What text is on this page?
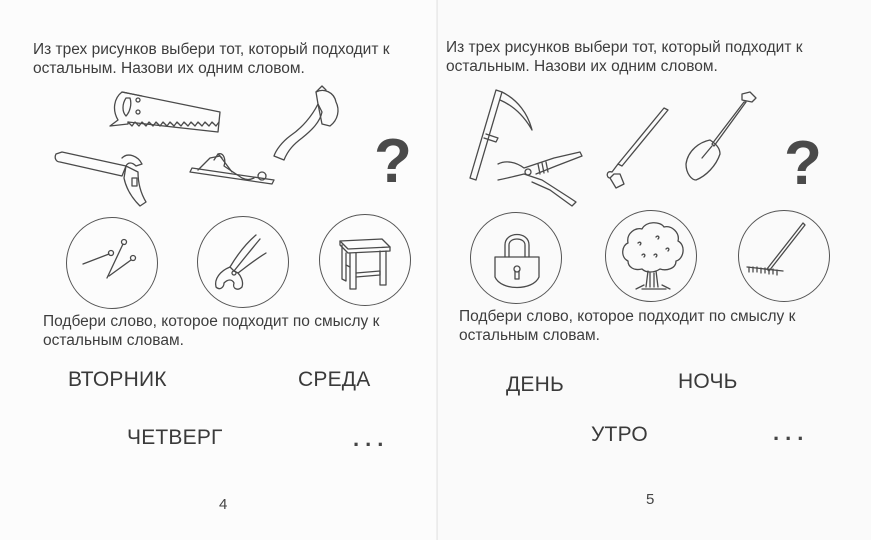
Из трех рисунков выбери тот, который подходит к
остальным. Назови их одним словом.
?
Подбери слово, которое подходит по смыслу к
остальным словам.
ВТОРНИК	СРЕДА
ЧЕТВЕРГ	...
4
Из трех рисунков выбери тот, который подходит к
остальным. Назови их одним словом.
?
Подбери слово, которое подходит по смыслу к
остальным словам.
ДЕНЬ	НОЧЬ
УТРО	...
5
